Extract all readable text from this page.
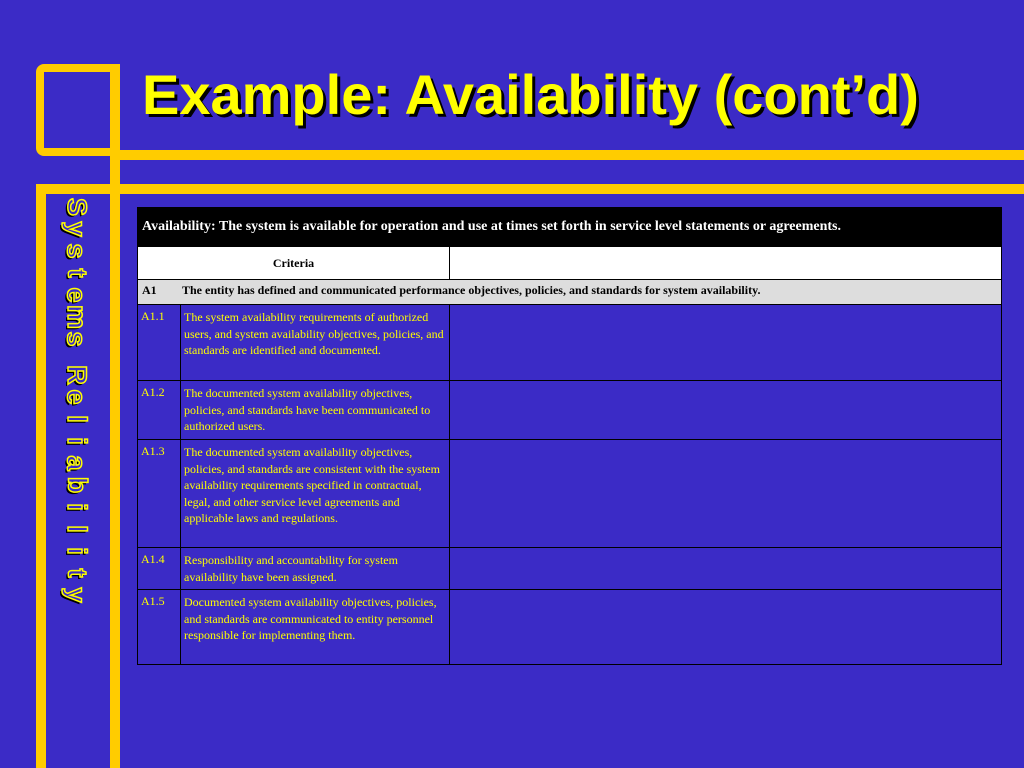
Example: Availability (cont’d)
S
y
s
t
e
m
s
R
e
l
i
a
b
i
l
i
t
y
Availability: The system is available for operation and use at times set forth in service level statements or agreements.		
Criteria		
A1 The entity has defined and communicated performance objectives, policies, and standards for system availability.		
A1.1	The system availability requirements of authorized users, and system availability objectives, policies, and standards are identified and documented.	
A1.2	The documented system availability objectives, policies, and standards have been communicated to authorized users.	
A1.3	The documented system availability objectives, policies, and standards are consistent with the system availability requirements specified in contractual, legal, and other service level agreements and applicable laws and regulations.	
A1.4	Responsibility and accountability for system availability have been assigned.	
A1.5	Documented system availability objectives, policies, and standards are communicated to entity personnel responsible for implementing them.	
